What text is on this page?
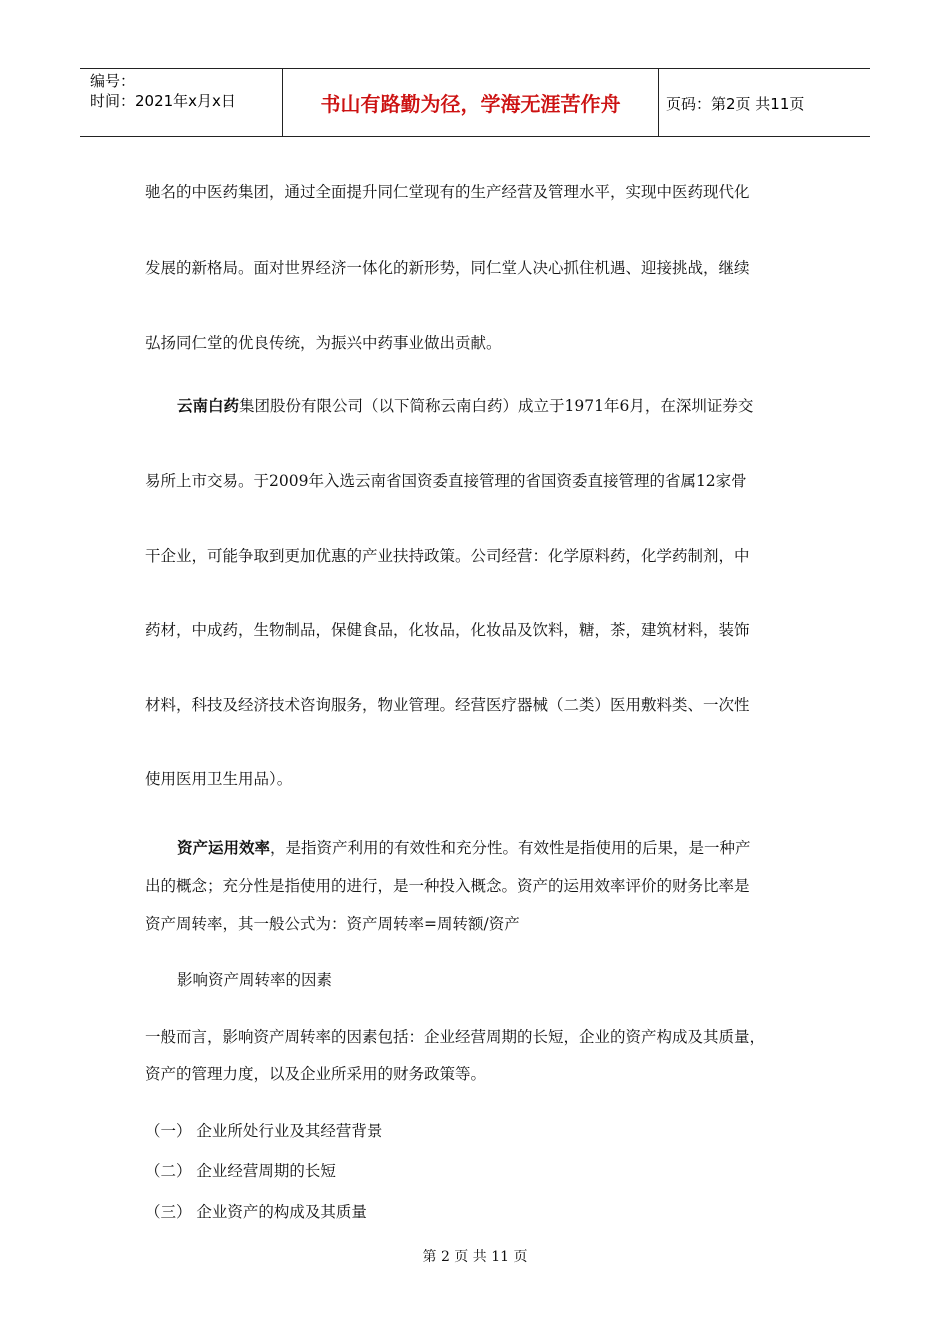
编号：
时间：2021年x月x日	书山有路勤为径，学海无涯苦作舟	页码：第2页 共11页
驰名的中医药集团，通过全面提升同仁堂现有的生产经营及管理水平，实现中医药现代化
发展的新格局。面对世界经济一体化的新形势，同仁堂人决心抓住机遇、迎接挑战，继续
弘扬同仁堂的优良传统，为振兴中药事业做出贡献。
云南白药集团股份有限公司（以下简称云南白药）成立于1971年6月，在深圳证券交
易所上市交易。于2009年入选云南省国资委直接管理的省国资委直接管理的省属12家骨
干企业，可能争取到更加优惠的产业扶持政策。公司经营：化学原料药，化学药制剂，中
药材，中成药，生物制品，保健食品，化妆品，化妆品及饮料，糖，茶，建筑材料，装饰
材料，科技及经济技术咨询服务，物业管理。经营医疗器械（二类）医用敷料类、一次性
使用医用卫生用品）。
资产运用效率，是指资产利用的有效性和充分性。有效性是指使用的后果，是一种产
出的概念；充分性是指使用的进行，是一种投入概念。资产的运用效率评价的财务比率是
资产周转率，其一般公式为：资产周转率=周转额/资产
影响资产周转率的因素
一般而言，影响资产周转率的因素包括：企业经营周期的长短，企业的资产构成及其质量，
资产的管理力度，以及企业所采用的财务政策等。
（一） 企业所处行业及其经营背景
（二） 企业经营周期的长短
（三） 企业资产的构成及其质量
第 2 页 共 11 页
